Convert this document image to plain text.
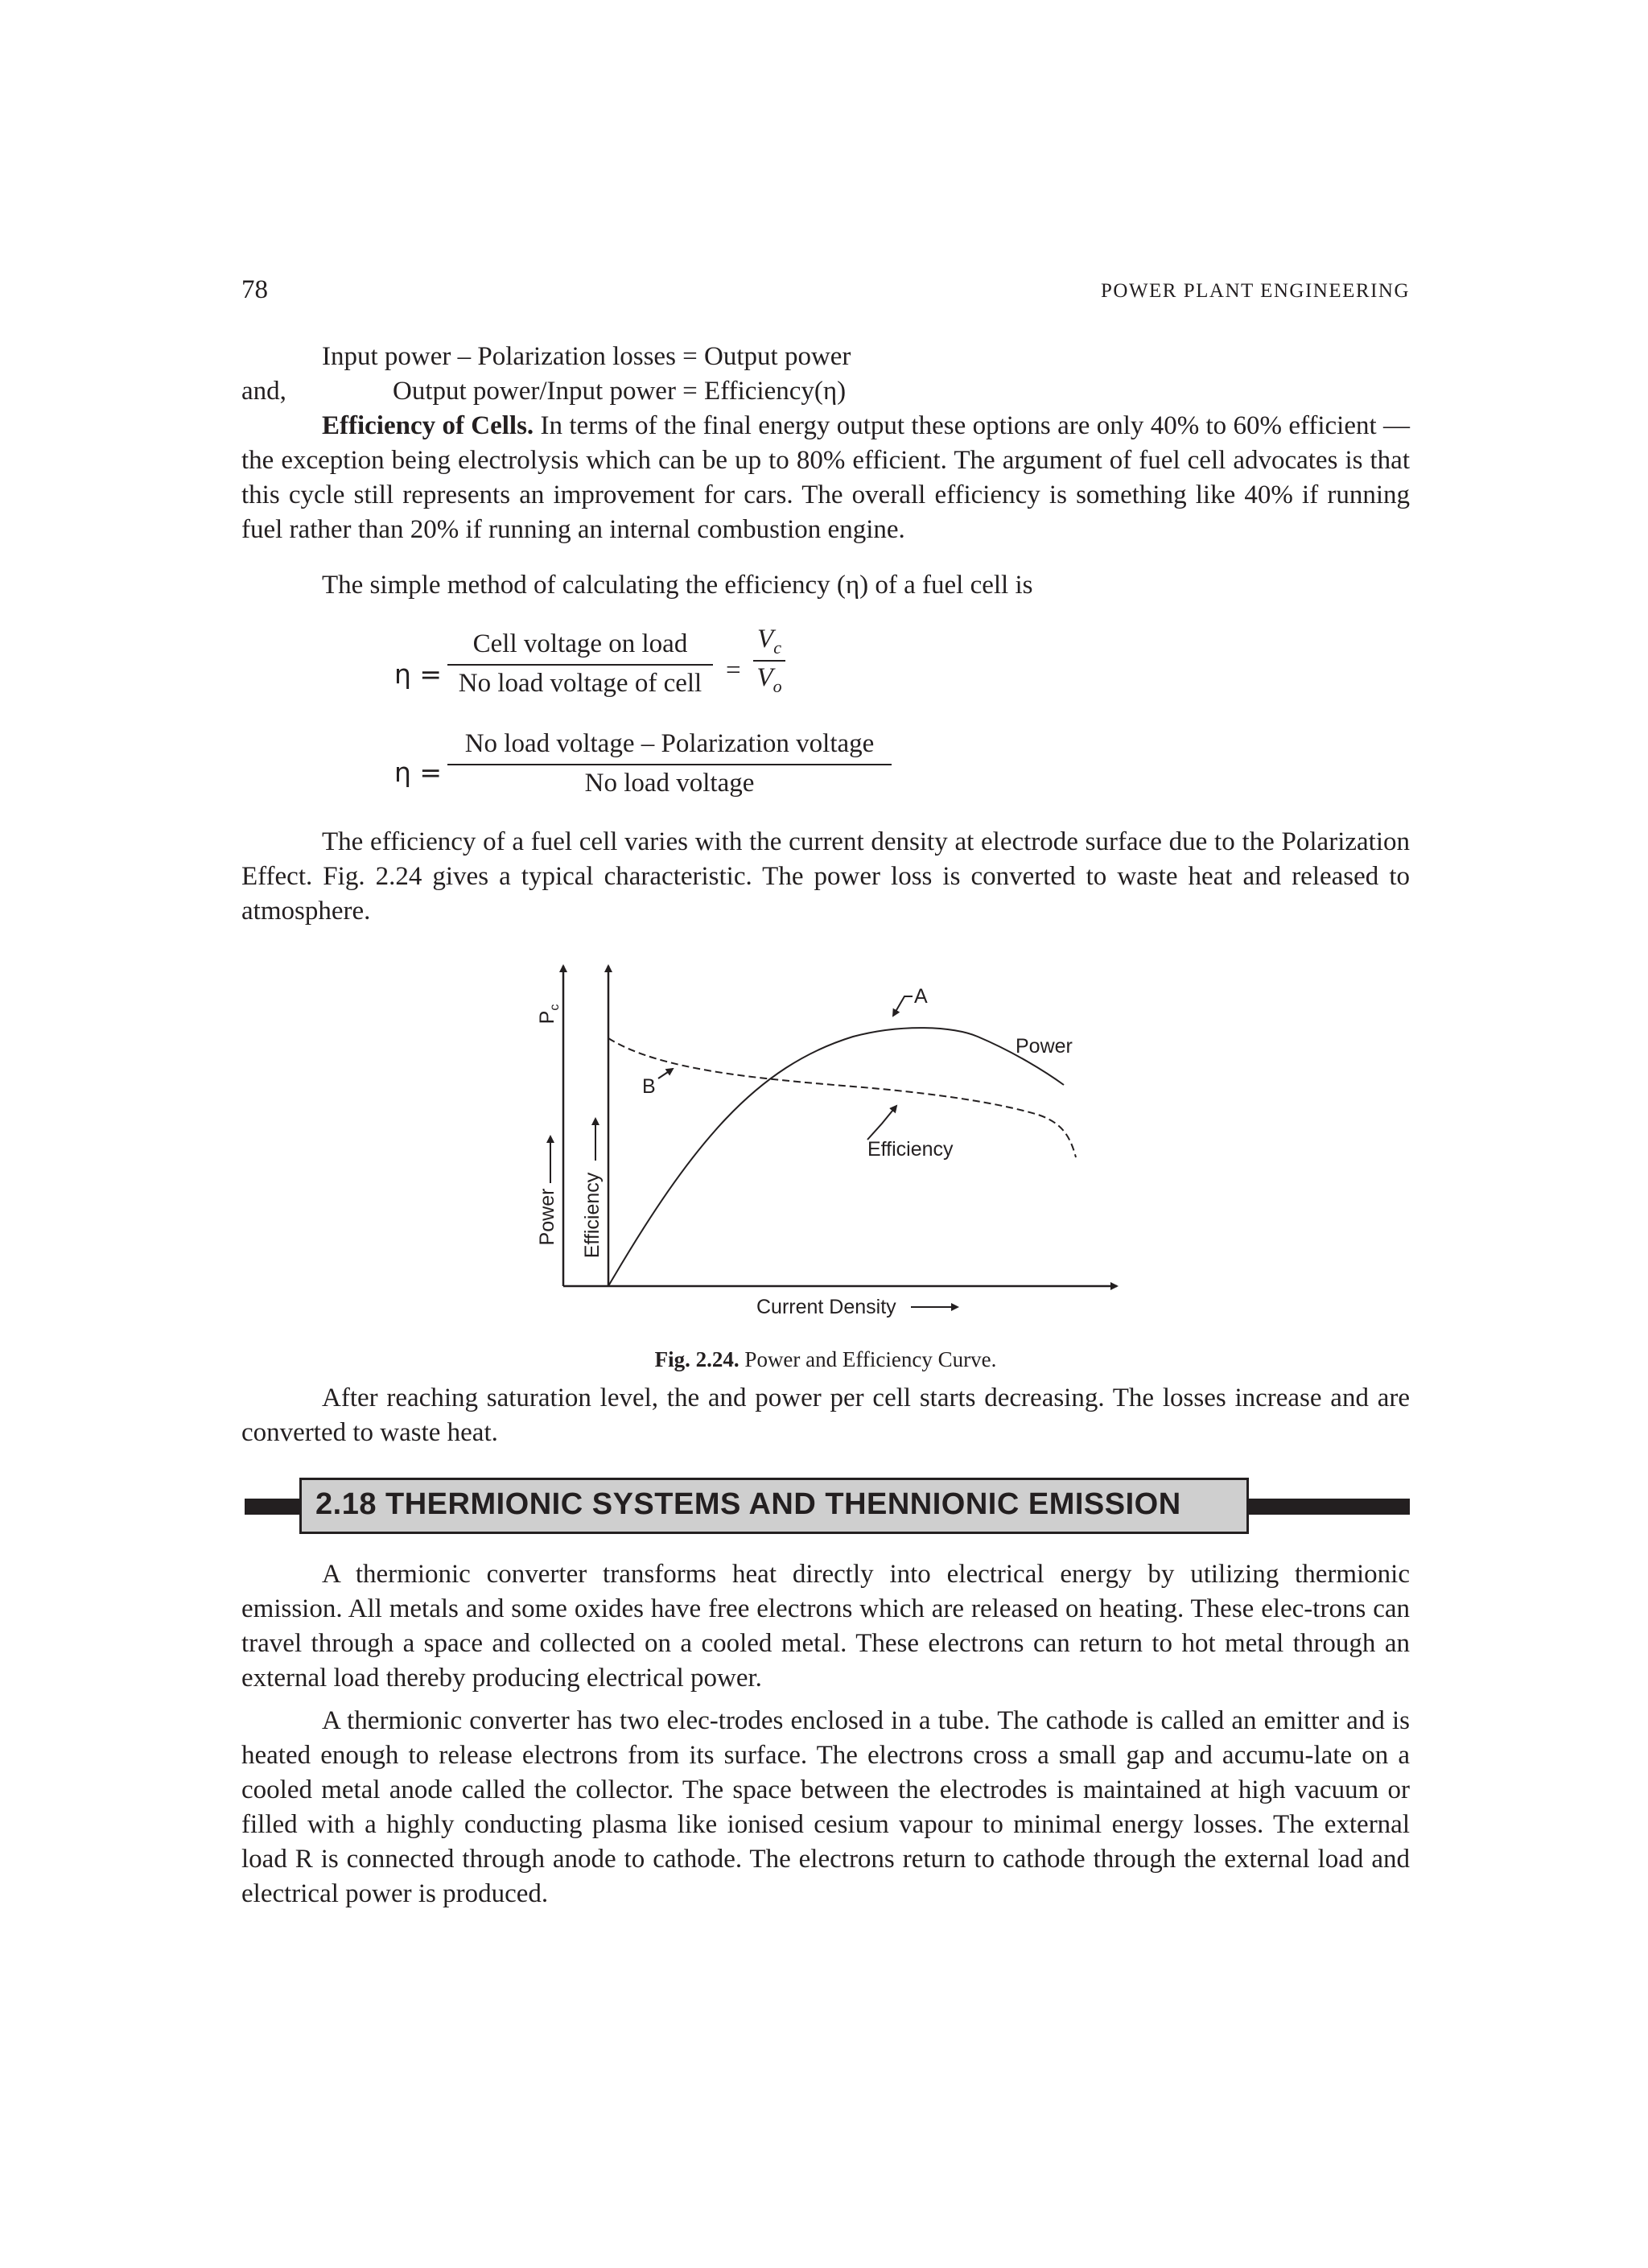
78	POWER PLANT ENGINEERING
Input power – Polarization losses = Output power
and,	Output power/Input power = Efficiency(η)

Efficiency of Cells. In terms of the final energy output these options are only 40% to 60% efficient — the exception being electrolysis which can be up to 80% efficient. The argument of fuel cell advocates is that this cycle still represents an improvement for cars. The overall efficiency is something like 40% if running fuel rather than 20% if running an internal combustion engine.

The simple method of calculating the efficiency (η) of a fuel cell is
η =
Cell voltage on load
No load voltage of cell = $\frac{V_c}{V_o}$
η =
No load voltage – Polarization voltage
No load voltage

The efficiency of a fuel cell varies with the current density at electrode surface due to the Polarization Effect. Fig. 2.24 gives a typical characteristic. The power loss is converted to waste heat and released to atmosphere.

Power
$P_c$
Efficiency
Current Density
A
B
Power
Efficiency
Fig. 2.24. Power and Efficiency Curve.

After reaching saturation level, the and power per cell starts decreasing. The losses increase and are converted to waste heat.

2.18 THERMIONIC SYSTEMS AND THENNIONIC EMISSION

A thermionic converter transforms heat directly into electrical energy by utilizing thermionic emission. All metals and some oxides have free electrons which are released on heating. These elec-trons can travel through a space and collected on a cooled metal. These electrons can return to hot metal through an external load thereby producing electrical power.

A thermionic converter has two elec-trodes enclosed in a tube. The cathode is called an emitter and is heated enough to release electrons from its surface. The electrons cross a small gap and accumu-late on a cooled metal anode called the collector. The space between the electrodes is maintained at high vacuum or filled with a highly conducting plasma like ionised cesium vapour to minimal energy losses. The external load R is connected through anode to cathode. The electrons return to cathode through the external load and electrical power is produced.
